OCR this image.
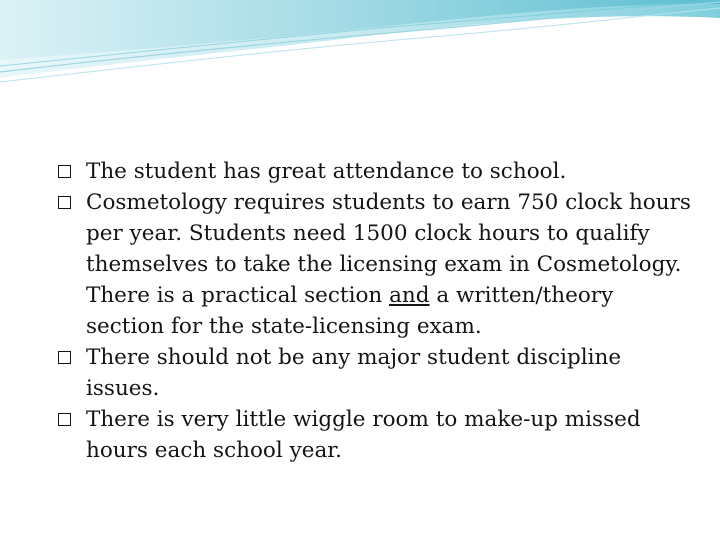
The student has great attendance to school.
Cosmetology requires students to earn 750 clock hours per year. Students need 1500 clock hours to qualify themselves to take the licensing exam in Cosmetology. There is a practical section and a written/theory section for the state-licensing exam.
There should not be any major student discipline issues.
There is very little wiggle room to make-up missed hours each school year.
